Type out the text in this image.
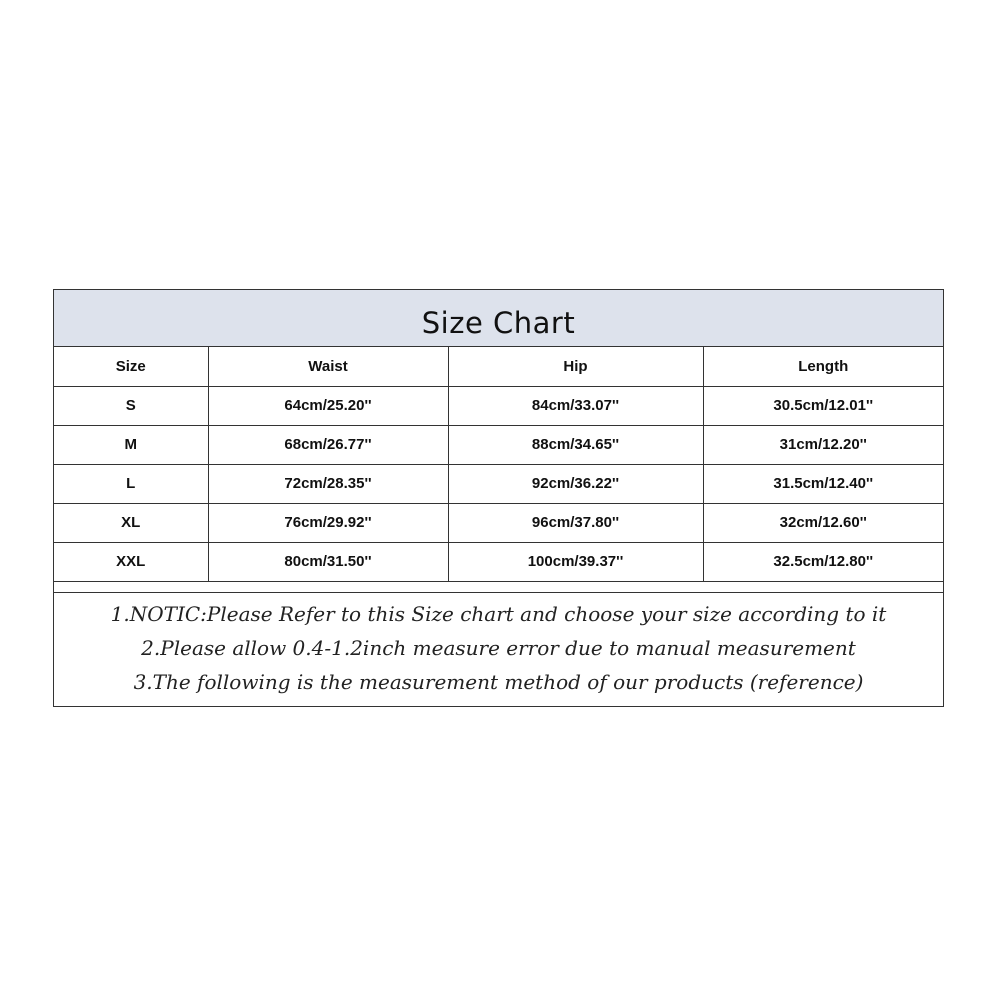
Size Chart
Size	Waist	Hip	Length
S	64cm/25.20''	84cm/33.07''	30.5cm/12.01''
M	68cm/26.77''	88cm/34.65''	31cm/12.20''
L	72cm/28.35''	92cm/36.22''	31.5cm/12.40''
XL	76cm/29.92''	96cm/37.80''	32cm/12.60''
XXL	80cm/31.50''	100cm/39.37''	32.5cm/12.80''
1.NOTIC:Please Refer to this Size chart and choose your size according to it
2.Please allow 0.4-1.2inch measure error due to manual measurement
3.The following is the measurement method of our products (reference)
